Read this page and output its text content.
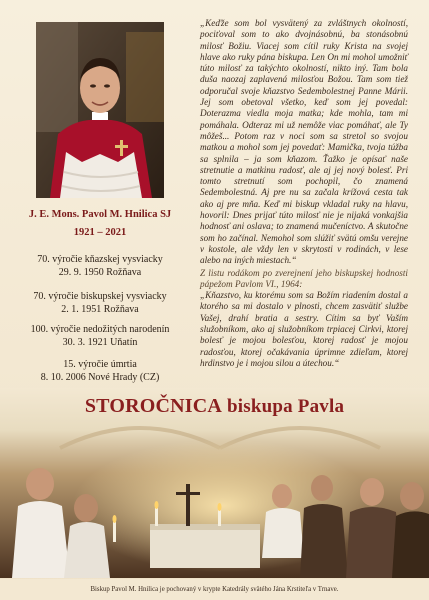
J. E. Mons. Pavol M. Hnilica SJ
1921 – 2021
70. výročie kňazskej vysviacky
29. 9. 1950 Rožňava
70. výročie biskupskej vysviacky
2. 1. 1951 Rožňava
100. výročie nedožitých narodenín
30. 3. 1921 Uňatín
15. výročie úmrtia
8. 10. 2006 Nové Hrady (CZ)

„Keďže som bol vysvätený za zvláštnych okolností, pociťoval som to ako dvojnásobnú, ba stonásobnú milosť Božiu. Viacej som cítil ruky Krista na svojej hlave ako ruky pána biskupa. Len On mi mohol umožniť túto milosť za takýchto okolností, nikto iný. Tam bola duša naozaj zaplavená milosťou Božou. Tam som tiež odporučal svoje kňazstvo Sedembolestnej Panne Márii. Jej som obetoval všetko, keď som jej povedal: Doterazma viedla moja matka; kde mohla, tam mi pomáhala. Odteraz mi už nemôže viac pomáhať, ale Ty môžeš... Potom raz v noci som sa stretol so svojou matkou a mohol som jej povedať: Mamička, tvoja túžba sa splnila – ja som kňazom. Ťažko je opísať naše stretnutie a matkinu radosť, ale aj jej nový bolesť. Pri tomto stretnutí som pochopil, čo znamená Sedembolestná. Aj pre nu sa začala krížová cesta tak ako aj pre mňa. Keď mi biskup vkladal ruky na hlavu, hovoril: Dnes prijať túto milosť nie je nijaká vonkajšia hodnosť ani oslava; to znamená mučeníctvo. A skutočne som ho začínal. Nemohol som slúžiť svätú omšu verejne v kostole, ale vždy len v skrytosti v rodinách, v lese alebo na iných miestach.“

Z listu rodákom po zverejnení jeho biskupskej hodnosti pápežom Pavlom VI., 1964:

„Kňazstvo, ku ktorému som sa Božím riadením dostal a ktorého sa mi dostalo v plnosti, chcem zasvätiť službe Vašej, drahí bratia a sestry. Cítim sa byť Vaším služobníkom, ako aj služobníkom trpiacej Cirkvi, ktorej bolesť je mojou bolesťou, ktorej radosť je mojou radosťou, ktorej očakávania úprimne zdieľam, ktorej hrdinstvo je i mojou silou a útechou.“

STOROČNICA biskupa Pavla
Biskup Pavol M. Hnilica je pochovaný v krypte Katedrály svätého Jána Krstiteľa v Trnave.
